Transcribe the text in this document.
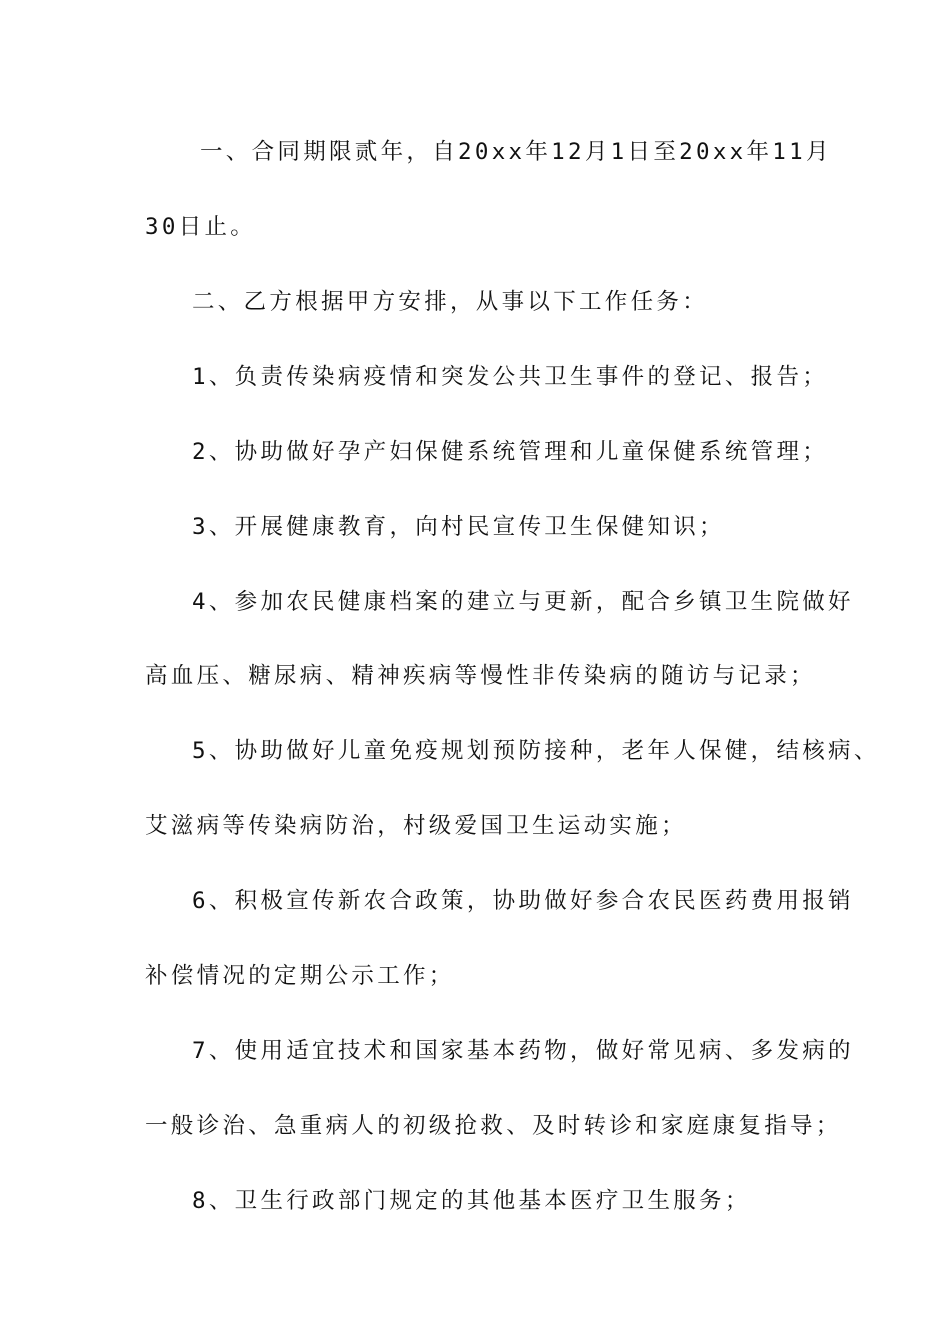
一、合同期限贰年，自20xx年12月1日至20xx年11月

30日止。

二、乙方根据甲方安排，从事以下工作任务：

1、负责传染病疫情和突发公共卫生事件的登记、报告；

2、协助做好孕产妇保健系统管理和儿童保健系统管理；

3、开展健康教育，向村民宣传卫生保健知识；

4、参加农民健康档案的建立与更新，配合乡镇卫生院做好

高血压、糖尿病、精神疾病等慢性非传染病的随访与记录；

5、协助做好儿童免疫规划预防接种，老年人保健，结核病、

艾滋病等传染病防治，村级爱国卫生运动实施；

6、积极宣传新农合政策，协助做好参合农民医药费用报销

补偿情况的定期公示工作；

7、使用适宜技术和国家基本药物，做好常见病、多发病的

一般诊治、急重病人的初级抢救、及时转诊和家庭康复指导；

8、卫生行政部门规定的其他基本医疗卫生服务；
